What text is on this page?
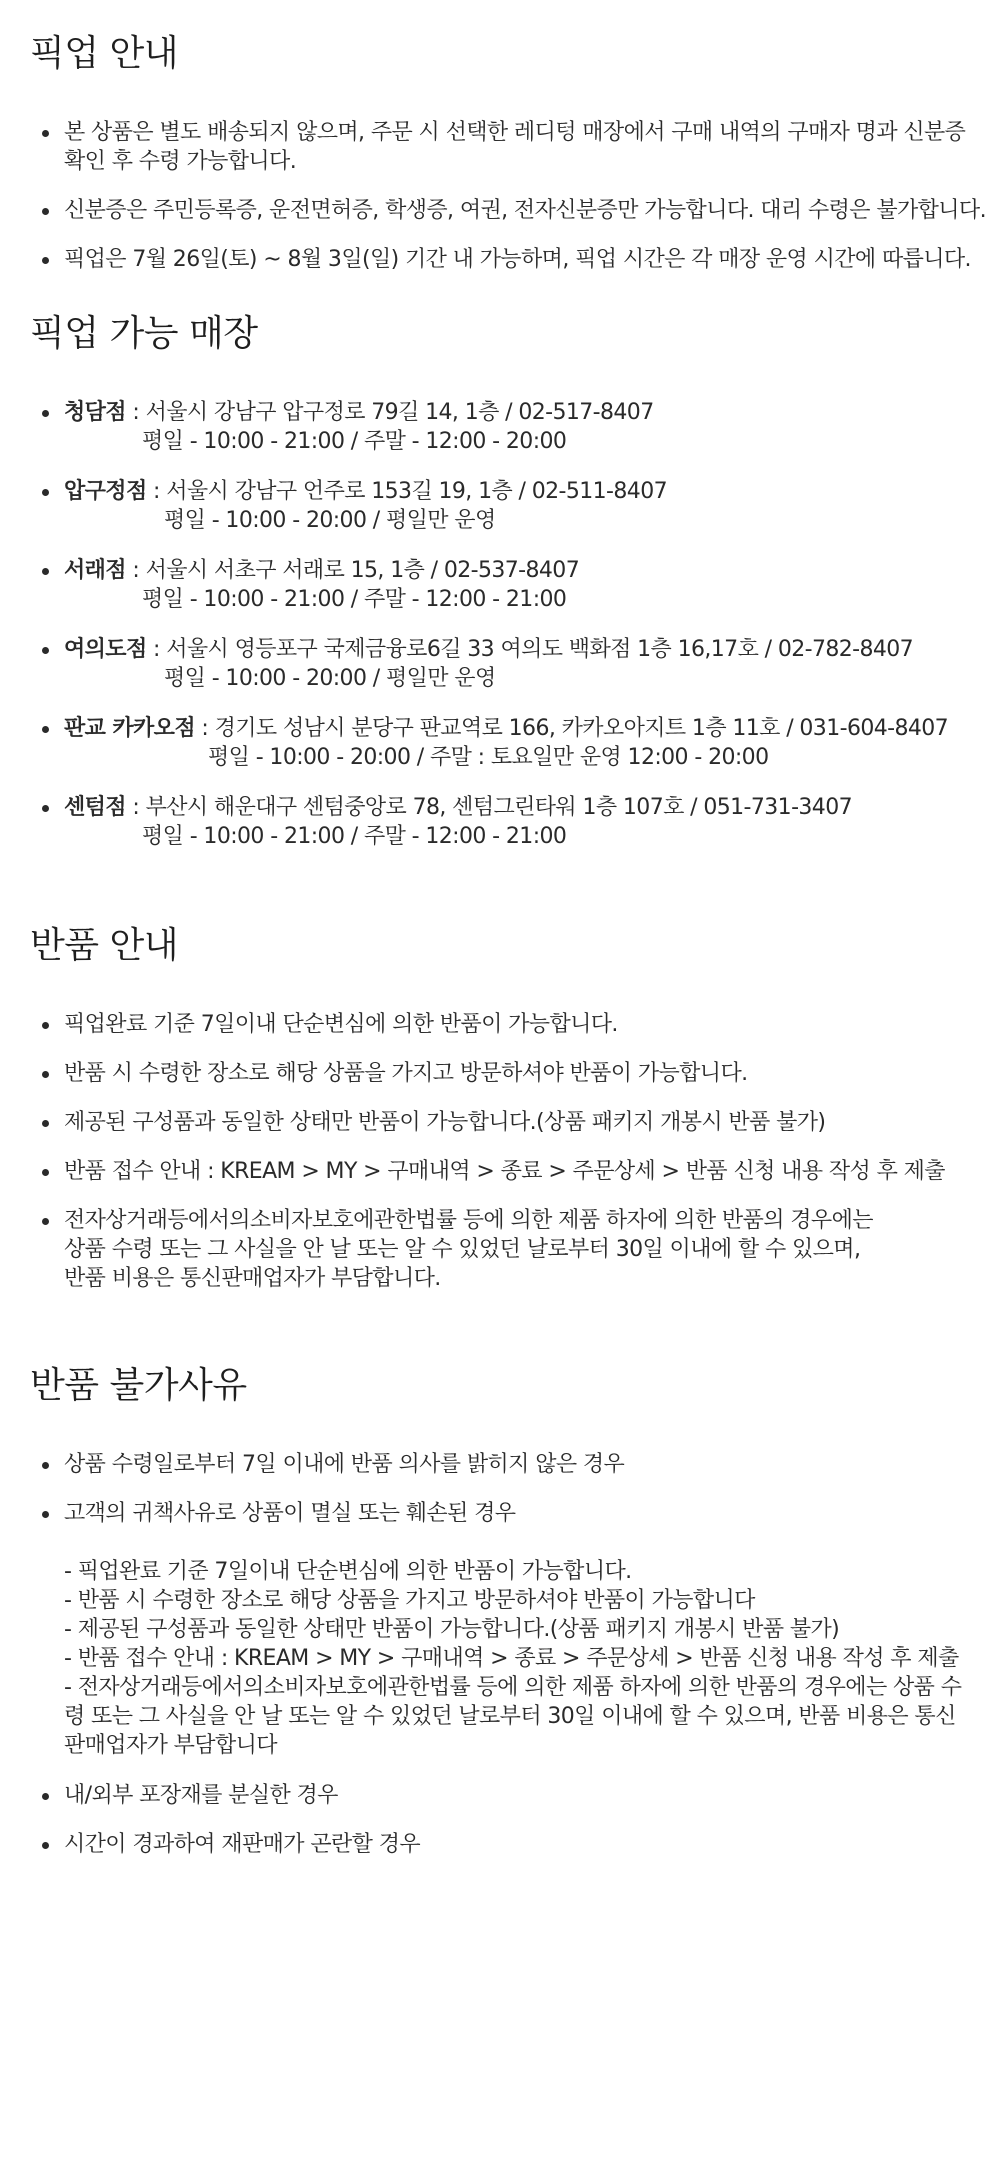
픽업 안내
본 상품은 별도 배송되지 않으며, 주문 시 선택한 레디텅 매장에서 구매 내역의 구매자 명과 신분증 확인 후 수령 가능합니다.
신분증은 주민등록증, 운전면허증, 학생증, 여권, 전자신분증만 가능합니다. 대리 수령은 불가합니다.
픽업은 7월 26일(토) ~ 8월 3일(일) 기간 내 가능하며, 픽업 시간은 각 매장 운영 시간에 따릅니다.
픽업 가능 매장
청담점 : 서울시 강남구 압구정로 79길 14, 1층 / 02-517-8407
평일 - 10:00 - 21:00 / 주말 - 12:00 - 20:00
압구정점 : 서울시 강남구 언주로 153길 19, 1층 / 02-511-8407
평일 - 10:00 - 20:00 / 평일만 운영
서래점 : 서울시 서초구 서래로 15, 1층 / 02-537-8407
평일 - 10:00 - 21:00 / 주말 - 12:00 - 21:00
여의도점 : 서울시 영등포구 국제금융로6길 33 여의도 백화점 1층 16,17호 / 02-782-8407
평일 - 10:00 - 20:00 / 평일만 운영
판교 카카오점 : 경기도 성남시 분당구 판교역로 166, 카카오아지트 1층 11호 / 031-604-8407
평일 - 10:00 - 20:00 / 주말 : 토요일만 운영 12:00 - 20:00
센텀점 : 부산시 해운대구 센텀중앙로 78, 센텀그린타워 1층 107호 / 051-731-3407
평일 - 10:00 - 21:00 / 주말 - 12:00 - 21:00
반품 안내
픽업완료 기준 7일이내 단순변심에 의한 반품이 가능합니다.
반품 시 수령한 장소로 해당 상품을 가지고 방문하셔야 반품이 가능합니다.
제공된 구성품과 동일한 상태만 반품이 가능합니다.(상품 패키지 개봉시 반품 불가)
반품 접수 안내 : KREAM > MY > 구매내역 > 종료 > 주문상세 > 반품 신청 내용 작성 후 제출
전자상거래등에서의소비자보호에관한법률 등에 의한 제품 하자에 의한 반품의 경우에는
상품 수령 또는 그 사실을 안 날 또는 알 수 있었던 날로부터 30일 이내에 할 수 있으며,
반품 비용은 통신판매업자가 부담합니다.
반품 불가사유
상품 수령일로부터 7일 이내에 반품 의사를 밝히지 않은 경우
고객의 귀책사유로 상품이 멸실 또는 훼손된 경우
- 픽업완료 기준 7일이내 단순변심에 의한 반품이 가능합니다.
- 반품 시 수령한 장소로 해당 상품을 가지고 방문하셔야 반품이 가능합니다
- 제공된 구성품과 동일한 상태만 반품이 가능합니다.(상품 패키지 개봉시 반품 불가)
- 반품 접수 안내 : KREAM > MY > 구매내역 > 종료 > 주문상세 > 반품 신청 내용 작성 후 제출
- 전자상거래등에서의소비자보호에관한법률 등에 의한 제품 하자에 의한 반품의 경우에는 상품 수령 또는 그 사실을 안 날 또는 알 수 있었던 날로부터 30일 이내에 할 수 있으며, 반품 비용은 통신판매업자가 부담합니다
내/외부 포장재를 분실한 경우
시간이 경과하여 재판매가 곤란할 경우
